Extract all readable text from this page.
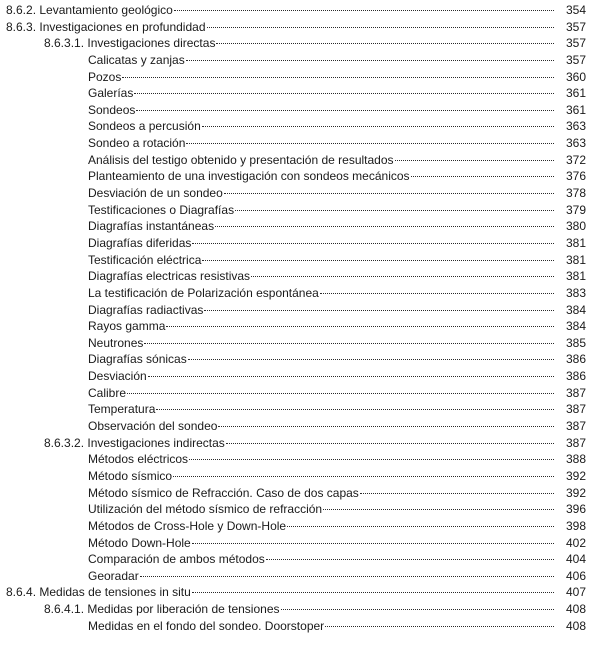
8.6.2. Levantamiento geológico	354
8.6.3. Investigaciones en profundidad	357
8.6.3.1. Investigaciones directas	357
Calicatas y zanjas	357
Pozos	360
Galerías	361
Sondeos	361
Sondeos a percusión	363
Sondeo a rotación	363
Análisis del testigo obtenido y presentación de resultados	372
Planteamiento de una investigación con sondeos mecánicos	376
Desviación de un sondeo	378
Testificaciones o Diagrafías	379
Diagrafías instantáneas	380
Diagrafías diferidas	381
Testificación eléctrica	381
Diagrafías electricas resistivas	381
La testificación de Polarización espontánea	383
Diagrafías radiactivas	384
Rayos gamma	384
Neutrones	385
Diagrafías sónicas	386
Desviación	386
Calibre	387
Temperatura	387
Observación del sondeo	387
8.6.3.2. Investigaciones indirectas	387
Métodos eléctricos	388
Método sísmico	392
Método sísmico de Refracción. Caso de dos capas	392
Utilización del método sísmico de refracción	396
Métodos de Cross-Hole y Down-Hole	398
Método Down-Hole	402
Comparación de ambos métodos	404
Georadar	406
8.6.4. Medidas de tensiones in situ	407
8.6.4.1. Medidas por liberación de tensiones	408
Medidas en el fondo del sondeo. Doorstoper	408
